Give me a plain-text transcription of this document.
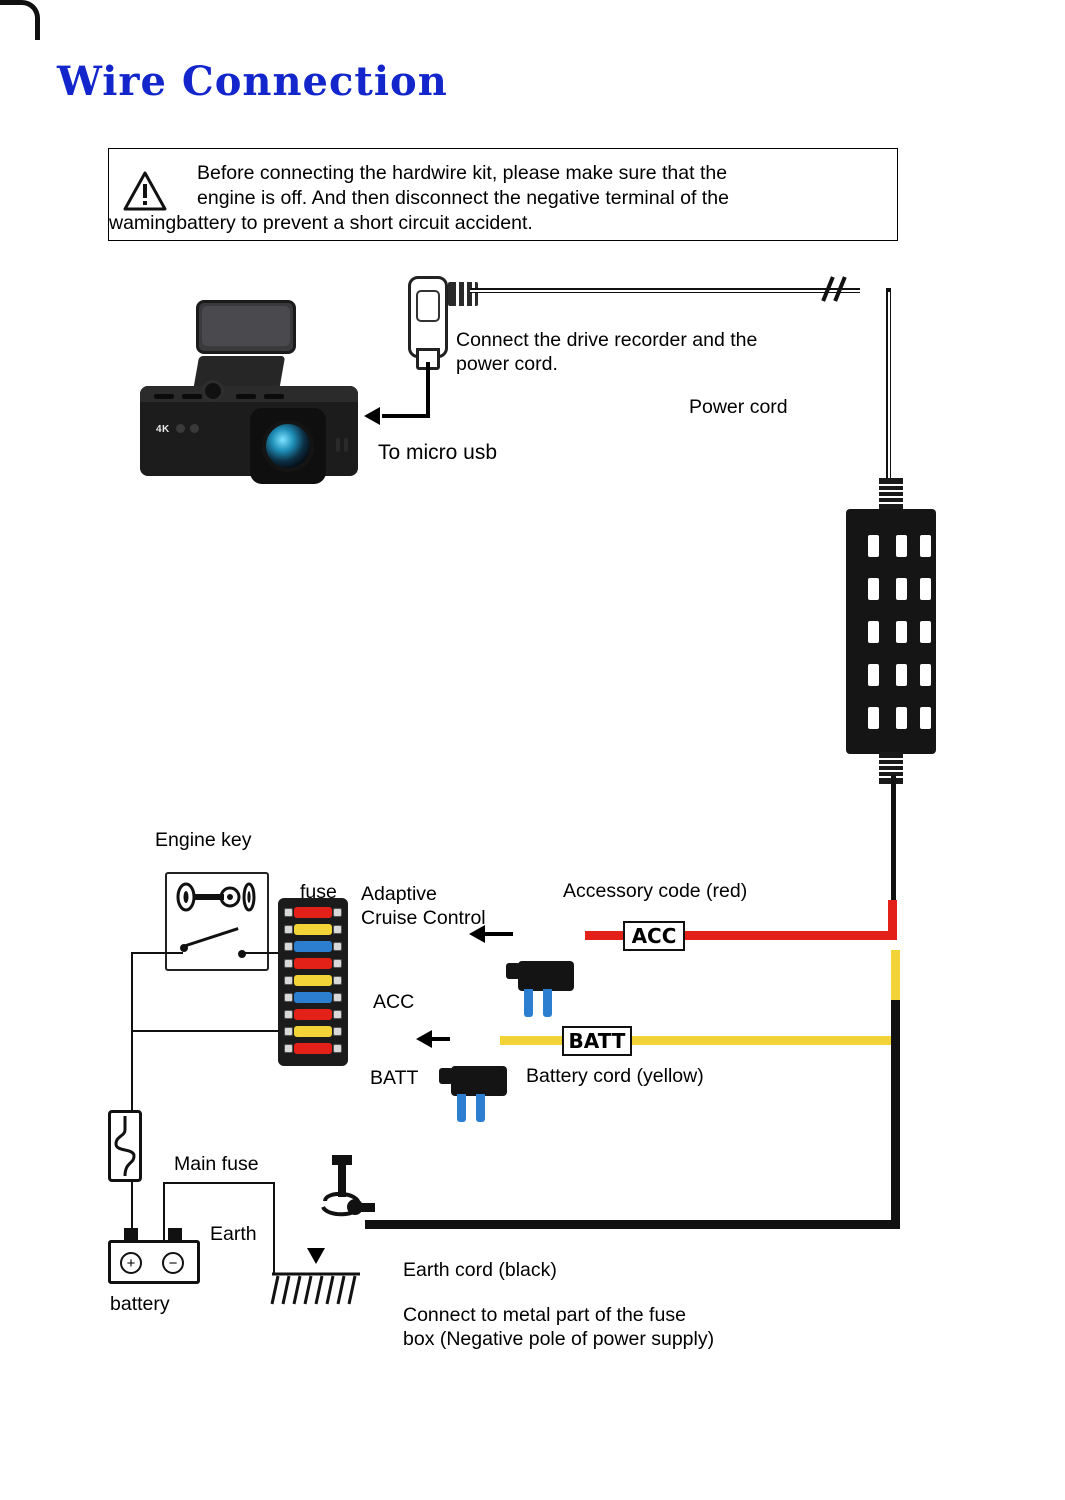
Wire Connection
Before connecting the hardwire kit, please make sure that the
engine is off. And then disconnect the negative terminal of the
wamingbattery to prevent a short circuit accident.
4K
Connect the drive recorder and the
power cord.
Power cord
To micro usb
Engine key
fuse Adaptive
Cruise Control
ACC
BATT
ACC
Accessory code (red)
BATT
Battery cord (yellow)
Main fuse
Earth
battery
+	−	Earth cord (black)
Connect to metal part of the fuse
box (Negative pole of power supply)
